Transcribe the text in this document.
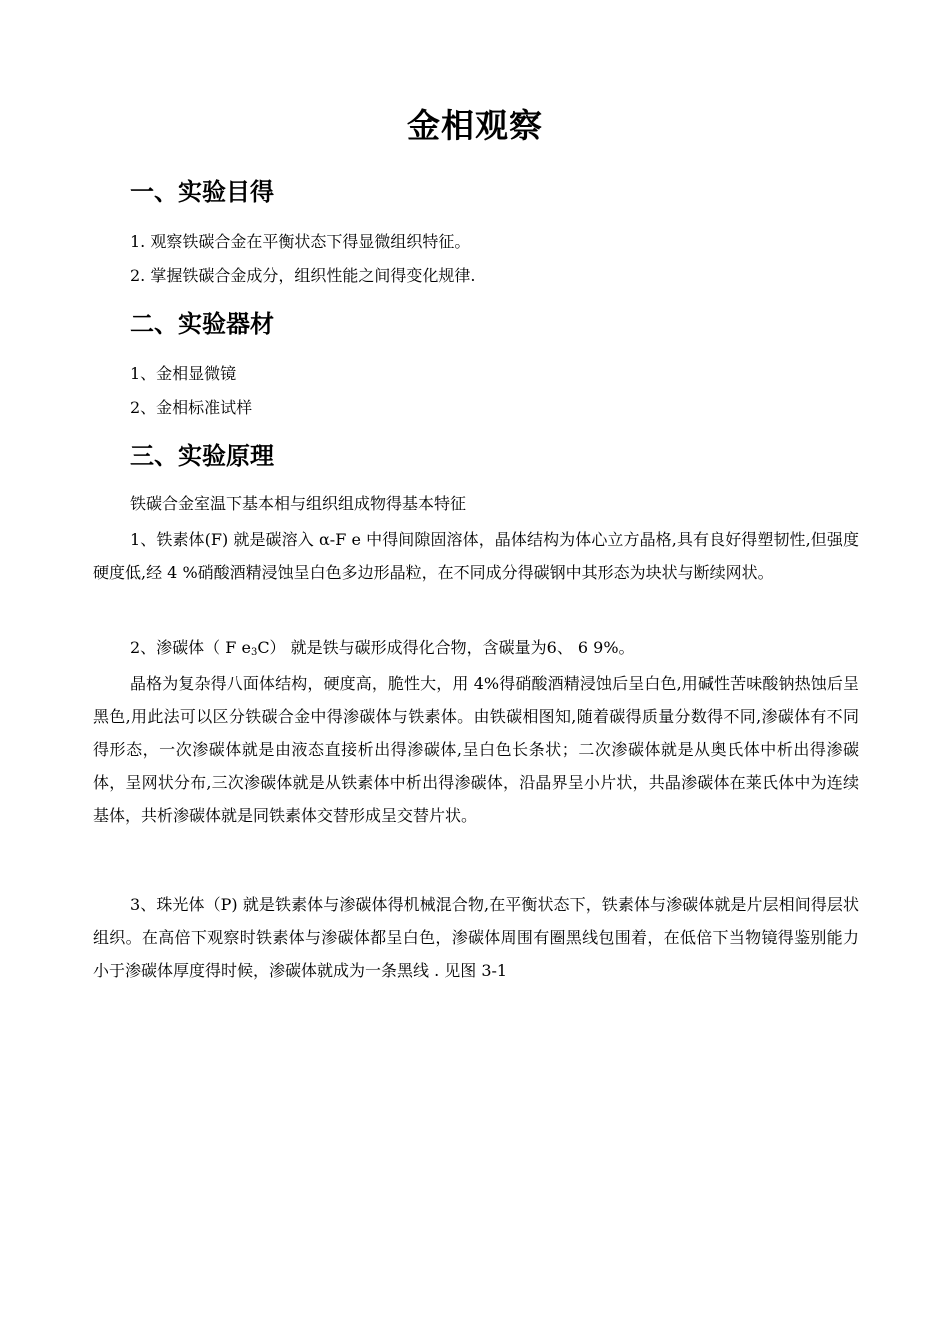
金相观察
一、实验目得
1. 观察铁碳合金在平衡状态下得显微组织特征。
2. 掌握铁碳合金成分，组织性能之间得变化规律.
二、实验器材
1、金相显微镜
2、金相标准试样
三、实验原理
铁碳合金室温下基本相与组织组成物得基本特征
1、铁素体(F) 就是碳溶入 α-F e 中得间隙固溶体，晶体结构为体心立方晶格,具有良好得塑韧性,但强度硬度低,经 4 %硝酸酒精浸蚀呈白色多边形晶粒，在不同成分得碳钢中其形态为块状与断续网状。
2、渗碳体（ F $e_3C$） 就是铁与碳形成得化合物，含碳量为6、 6 9%。
晶格为复杂得八面体结构，硬度高，脆性大，用 4%得硝酸酒精浸蚀后呈白色,用碱性苦味酸钠热蚀后呈黑色,用此法可以区分铁碳合金中得渗碳体与铁素体。由铁碳相图知,随着碳得质量分数得不同,渗碳体有不同得形态，一次渗碳体就是由液态直接析出得渗碳体,呈白色长条状；二次渗碳体就是从奥氏体中析出得渗碳体，呈网状分布,三次渗碳体就是从铁素体中析出得渗碳体，沿晶界呈小片状，共晶渗碳体在莱氏体中为连续基体，共析渗碳体就是同铁素体交替形成呈交替片状。
3、珠光体（P) 就是铁素体与渗碳体得机械混合物,在平衡状态下，铁素体与渗碳体就是片层相间得层状组织。在高倍下观察时铁素体与渗碳体都呈白色，渗碳体周围有圈黑线包围着，在低倍下当物镜得鉴别能力小于渗碳体厚度得时候，渗碳体就成为一条黑线 . 见图 3-1
